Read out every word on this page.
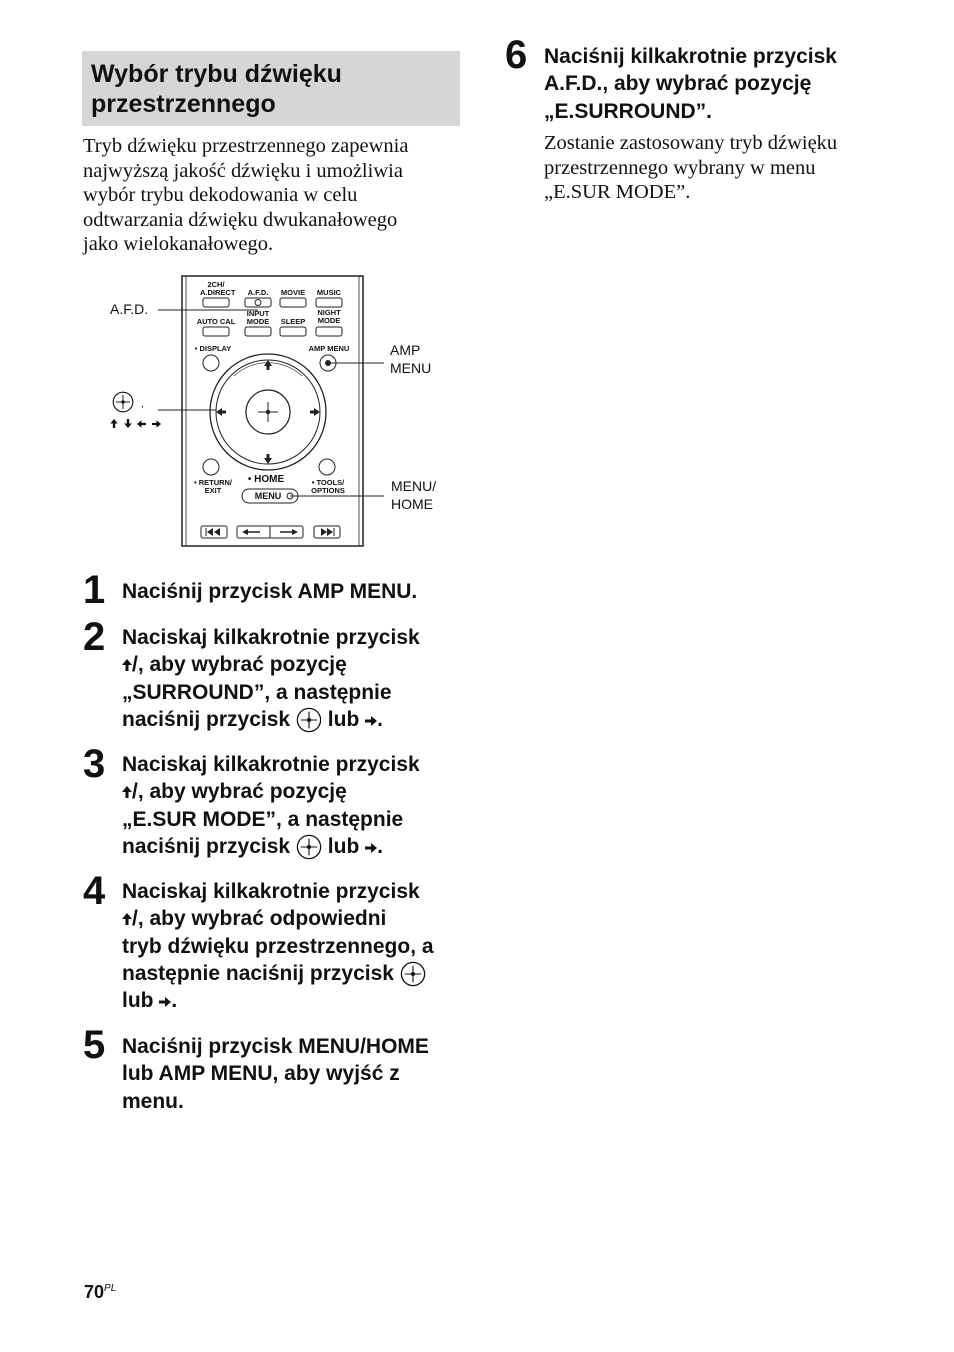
Wybór trybu dźwięku
przestrzennego
Tryb dźwięku przestrzennego zapewnia
najwyższą jakość dźwięku i umożliwia
wybór trybu dekodowania w celu
odtwarzania dźwięku dwukanałowego
jako wielokanałowego.
2CH/
A.DIRECT	A.F.D.	MOVIE	MUSIC
AUTO CAL
INPUT
MODE	SLEEP
NIGHT
MODE
• DISPLAY	AMP MENU
• RETURN/
EXIT
• HOME	• TOOLS/
OPTIONS
MENU
A.F.D.
AMP
MENU
MENU/
HOME
,
1 Naciśnij przycisk AMP MENU.
2 Naciskaj kilkakrotnie przycisk
/, aby wybrać pozycję
„SURROUND”, a następnie
naciśnij przycisk lub .
3 Naciskaj kilkakrotnie przycisk
/, aby wybrać pozycję
„E.SUR MODE”, a następnie
naciśnij przycisk lub .
4 Naciskaj kilkakrotnie przycisk
/, aby wybrać odpowiedni
tryb dźwięku przestrzennego, a
następnie naciśnij przycisk
lub .
5 Naciśnij przycisk MENU/HOME
lub AMP MENU, aby wyjść z
menu.
6 Naciśnij kilkakrotnie przycisk
A.F.D., aby wybrać pozycję
„E.SURROUND”.
Zostanie zastosowany tryb dźwięku
przestrzennego wybrany w menu
„E.SUR MODE”.
$70^{PL}$
